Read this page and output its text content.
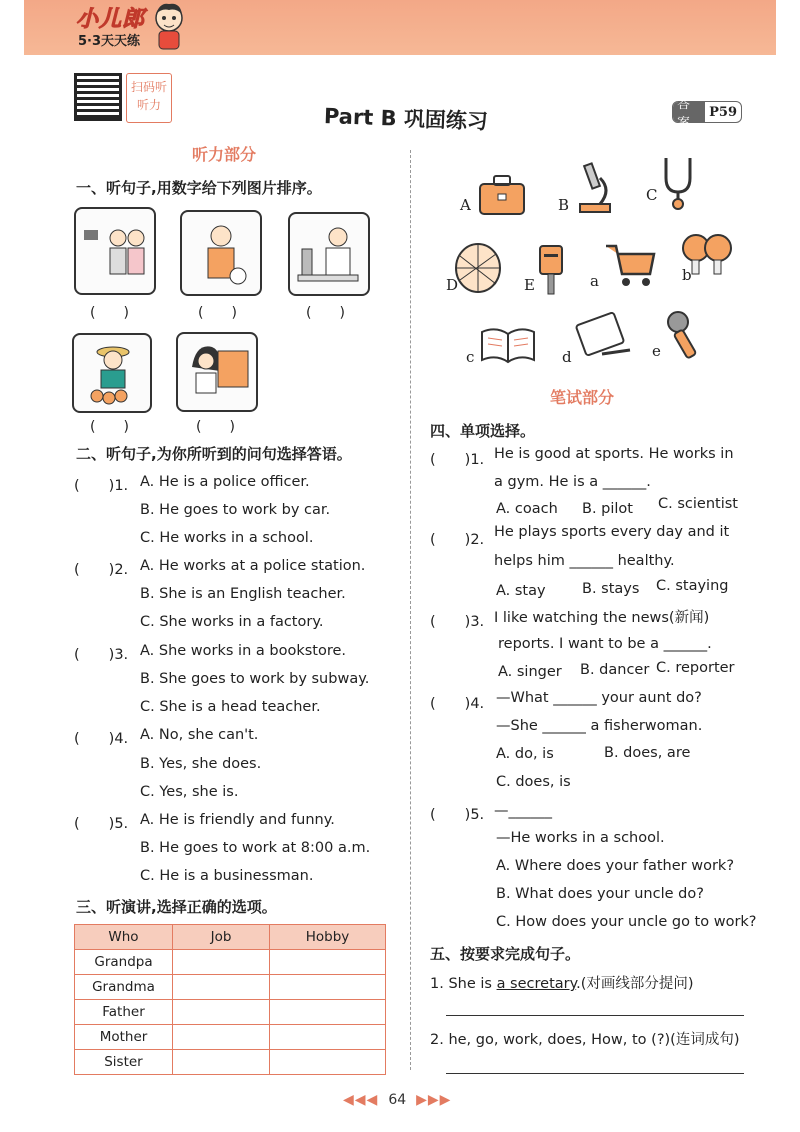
小儿郎
5·3天天练
扫码听听力	Part B 巩固练习	答案
P59
听力部分
一、听句子,用数字给下列图片排序。
(　　)	(　　)	(　　)
(　　)	(　　)
二、听句子,为你所听到的问句选择答语。
(　　)1. A. He is a police officer.
B. He goes to work by car.
C. He works in a school.
(　　)2. A. He works at a police station.
B. She is an English teacher.
C. She works in a factory.
(　　)3. A. She works in a bookstore.
B. She goes to work by subway.
C. She is a head teacher.
(　　)4. A. No, she can't.
B. Yes, she does.
C. Yes, she is.
(　　)5. A. He is friendly and funny.
B. He goes to work at 8:00 a.m.
C. He is a businessman.
三、听演讲,选择正确的选项。
Who	Job	Hobby
Grandpa		
Grandma		
Father		
Mother		
Sister		
A	B
C
D	E	a	b
c	d	e
笔试部分
四、单项选择。
(　　)1. He is good at sports. He works in
a gym. He is a ______.
A. coach B. pilot C. scientist
(　　)2. He plays sports every day and it
helps him ______ healthy.
A. stay	B. stays C. staying
(　　)3. I like watching the news(新闻)
reports. I want to be a ______.
A. singer B. dancer C. reporter
(　　)4. —What ______ your aunt do?
—She ______ a fisherwoman.
A. do, is	B. does, are
C. does, is
(　　)5. —______
—He works in a school.
A. Where does your father work?
B. What does your uncle do?
C. How does your uncle go to work?
五、按要求完成句子。
1. She is a secretary.(对画线部分提问)
2. he, go, work, does, How, to (?)(连词成句)
◀◀◀ 64 ▶▶▶
